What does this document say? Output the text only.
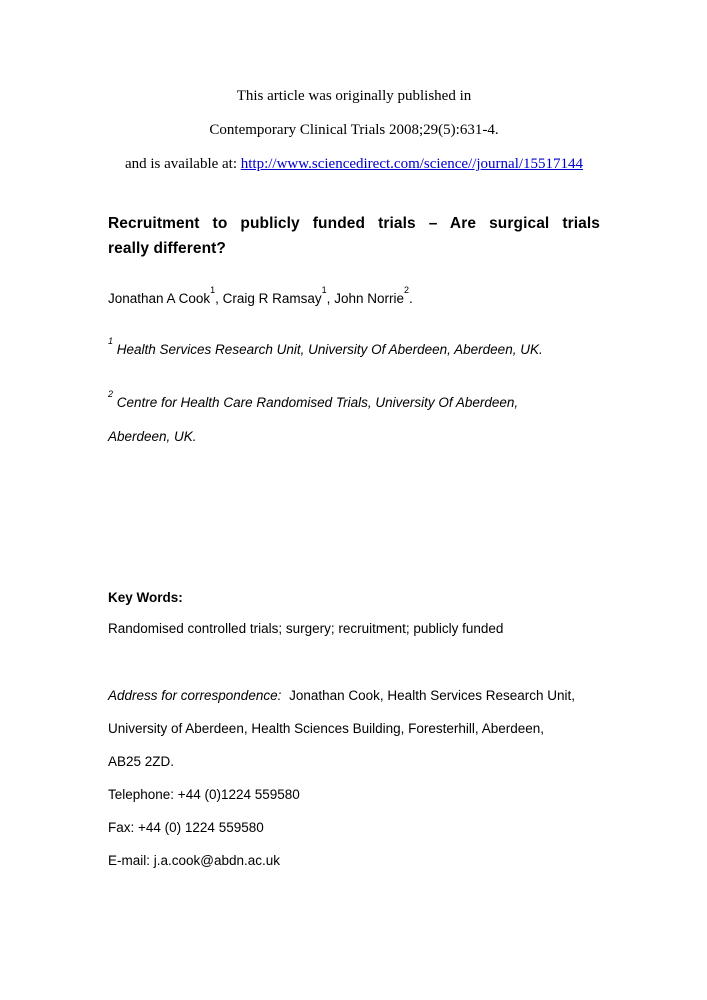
This article was originally published in
Contemporary Clinical Trials 2008;29(5):631-4.
and is available at: http://www.sciencedirect.com/science//journal/15517144
Recruitment to publicly funded trials – Are surgical trials
really different?
Jonathan A Cook$^1$, Craig R Ramsay$^1$, John Norrie$^2$.
$^1$ Health Services Research Unit, University Of Aberdeen, Aberdeen, UK.
$^2$ Centre for Health Care Randomised Trials, University Of Aberdeen,
Aberdeen, UK.
Key Words:
Randomised controlled trials; surgery; recruitment; publicly funded
Address for correspondence: Jonathan Cook, Health Services Research Unit,
University of Aberdeen, Health Sciences Building, Foresterhill, Aberdeen,
AB25 2ZD.
Telephone: +44 (0)1224 559580
Fax: +44 (0) 1224 559580
E-mail: j.a.cook@abdn.ac.uk
